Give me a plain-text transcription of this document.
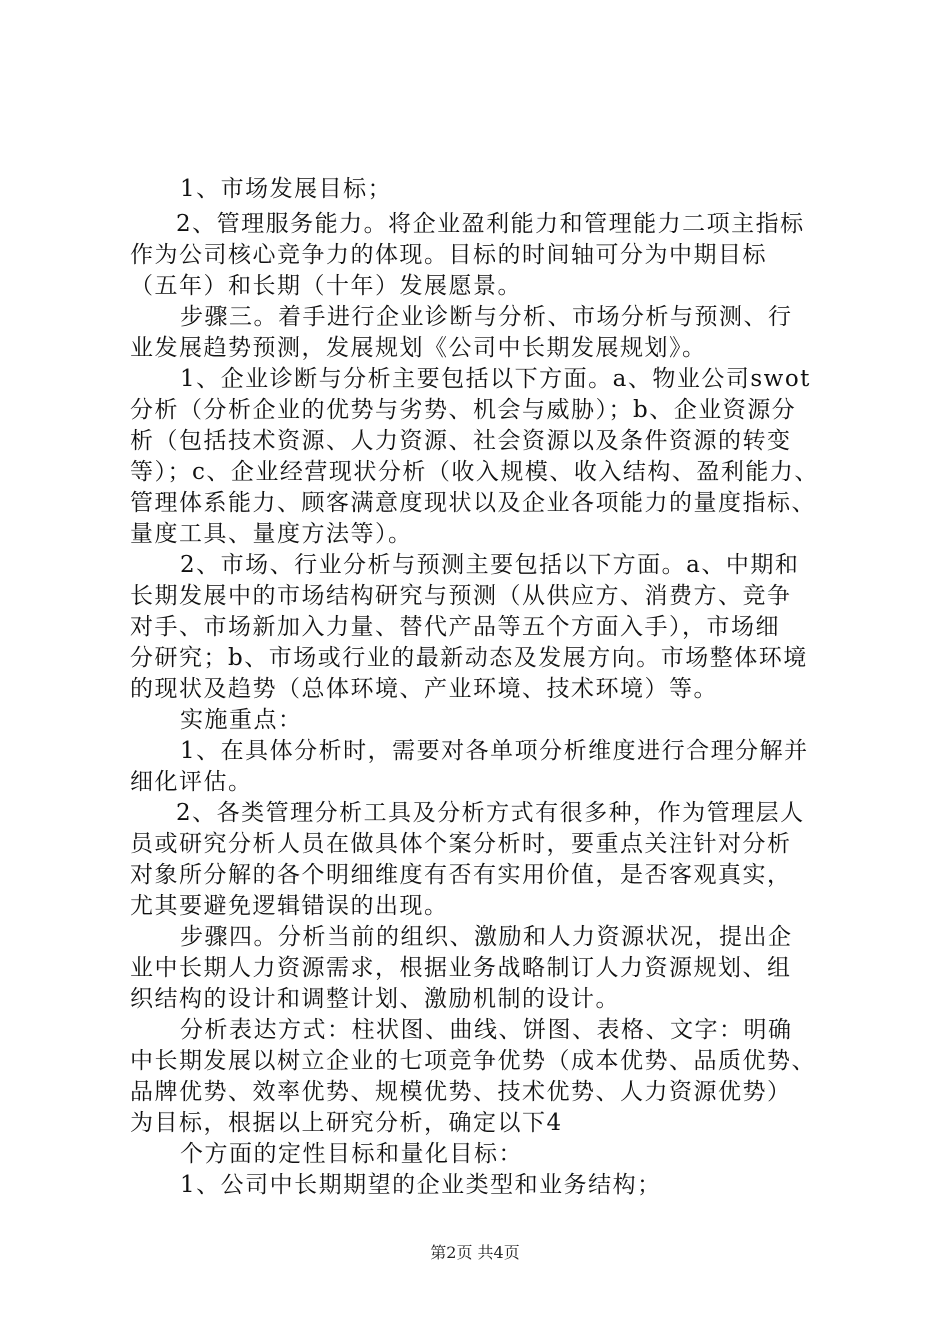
1、市场发展目标；
2、管理服务能力。将企业盈利能力和管理能力二项主指标
作为公司核心竞争力的体现。目标的时间轴可分为中期目标
（五年）和长期（十年）发展愿景。
步骤三。着手进行企业诊断与分析、市场分析与预测、行
业发展趋势预测，发展规划《公司中长期发展规划》。
1、企业诊断与分析主要包括以下方面。a、物业公司swot
分析（分析企业的优势与劣势、机会与威胁）；b、企业资源分
析（包括技术资源、人力资源、社会资源以及条件资源的转变
等）；c、企业经营现状分析（收入规模、收入结构、盈利能力、
管理体系能力、顾客满意度现状以及企业各项能力的量度指标、
量度工具、量度方法等）。
2、市场、行业分析与预测主要包括以下方面。a、中期和
长期发展中的市场结构研究与预测（从供应方、消费方、竞争
对手、市场新加入力量、替代产品等五个方面入手），市场细
分研究；b、市场或行业的最新动态及发展方向。市场整体环境
的现状及趋势（总体环境、产业环境、技术环境）等。
实施重点：
1、在具体分析时，需要对各单项分析维度进行合理分解并
细化评估。
2、各类管理分析工具及分析方式有很多种，作为管理层人
员或研究分析人员在做具体个案分析时，要重点关注针对分析
对象所分解的各个明细维度有否有实用价值，是否客观真实，
尤其要避免逻辑错误的出现。
步骤四。分析当前的组织、激励和人力资源状况，提出企
业中长期人力资源需求，根据业务战略制订人力资源规划、组
织结构的设计和调整计划、激励机制的设计。
分析表达方式：柱状图、曲线、饼图、表格、文字：明确
中长期发展以树立企业的七项竞争优势（成本优势、品质优势、
品牌优势、效率优势、规模优势、技术优势、人力资源优势）
为目标，根据以上研究分析，确定以下4
个方面的定性目标和量化目标：
1、公司中长期期望的企业类型和业务结构；
第2页 共4页
